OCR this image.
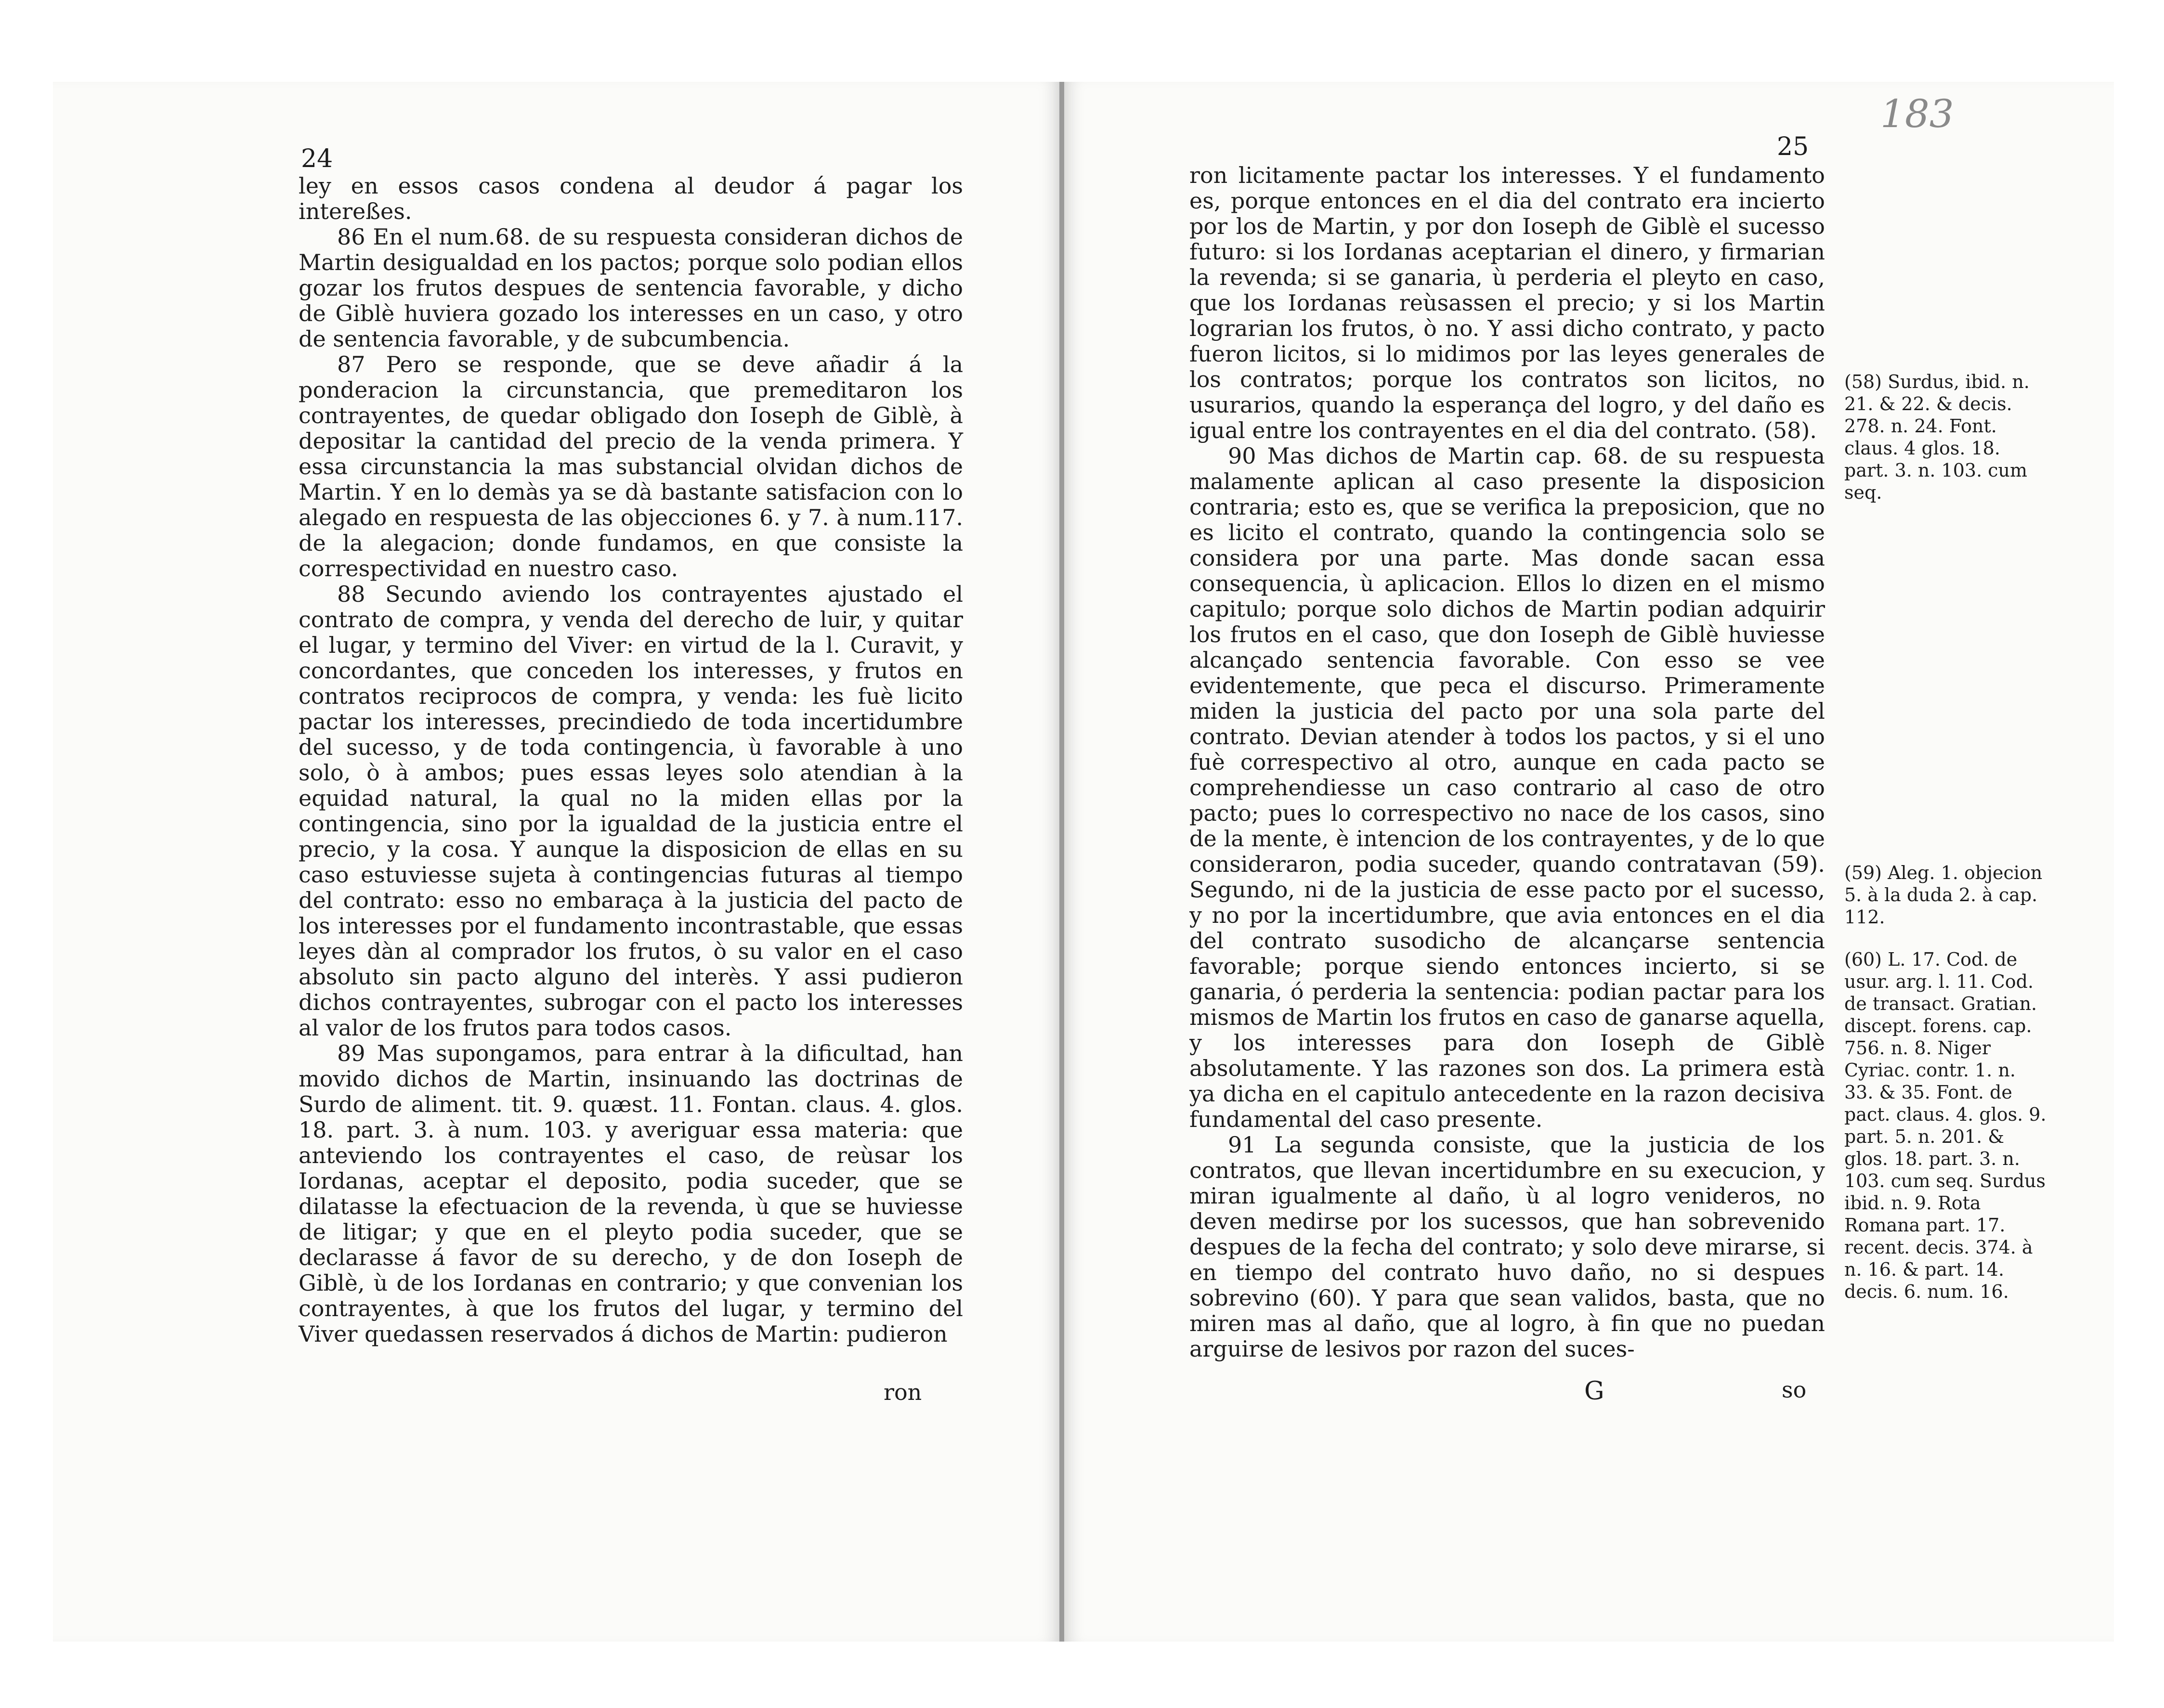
183
24	25

ley en essos casos condena al deudor á pagar los intereßes.

86 En el num.68. de su respuesta consideran dichos de Martin desigualdad en los pactos; porque solo podian ellos gozar los frutos despues de sentencia favorable, y dicho de Giblè huviera gozado los interesses en un caso, y otro de sentencia favorable, y de subcumbencia.

87 Pero se responde, que se deve añadir á la ponderacion la circunstancia, que premeditaron los contrayentes, de quedar obligado don Ioseph de Giblè, à depositar la cantidad del precio de la venda primera. Y essa circunstancia la mas substancial olvidan dichos de Martin. Y en lo demàs ya se dà bastante satisfacion con lo alegado en respuesta de las objecciones 6. y 7. à num.117. de la alegacion; donde fundamos, en que consiste la correspectividad en nuestro caso.

88 Secundo aviendo los contrayentes ajustado el contrato de compra, y venda del derecho de luir, y quitar el lugar, y termino del Viver: en virtud de la l. Curavit, y concordantes, que conceden los interesses, y frutos en contratos reciprocos de compra, y venda: les fuè licito pactar los interesses, precindiedo de toda incertidumbre del sucesso, y de toda contingencia, ù favorable à uno solo, ò à ambos; pues essas leyes solo atendian à la equidad natural, la qual no la miden ellas por la contingencia, sino por la igualdad de la justicia entre el precio, y la cosa. Y aunque la disposicion de ellas en su caso estuviesse sujeta à contingencias futuras al tiempo del contrato: esso no embaraça à la justicia del pacto de los interesses por el fundamento incontrastable, que essas leyes dàn al comprador los frutos, ò su valor en el caso absoluto sin pacto alguno del interès. Y assi pudieron dichos contrayentes, subrogar con el pacto los interesses al valor de los frutos para todos casos.

89 Mas supongamos, para entrar à la dificultad, han movido dichos de Martin, insinuando las doctrinas de Surdo de aliment. tit. 9. quæst. 11. Fontan. claus. 4. glos. 18. part. 3. à num. 103. y averiguar essa materia: que anteviendo los contrayentes el caso, de reùsar los Iordanas, aceptar el deposito, podia suceder, que se dilatasse la efectuacion de la revenda, ù que se huviesse de litigar; y que en el pleyto podia suceder, que se declarasse á favor de su derecho, y de don Ioseph de Giblè, ù de los Iordanas en contrario; y que convenian los contrayentes, à que los frutos del lugar, y termino del Viver quedassen reservados á dichos de Martin: pudieron

ron

ron licitamente pactar los interesses. Y el fundamento es, porque entonces en el dia del contrato era incierto por los de Martin, y por don Ioseph de Giblè el sucesso futuro: si los Iordanas aceptarian el dinero, y firmarian la revenda; si se ganaria, ù perderia el pleyto en caso, que los Iordanas reùsassen el precio; y si los Martin lograrian los frutos, ò no. Y assi dicho contrato, y pacto fueron licitos, si lo midimos por las leyes generales de los contratos; porque los contratos son licitos, no usurarios, quando la esperança del logro, y del daño es igual entre los contrayentes en el dia del contrato. (58).

90 Mas dichos de Martin cap. 68. de su respuesta malamente aplican al caso presente la disposicion contraria; esto es, que se verifica la preposicion, que no es licito el contrato, quando la contingencia solo se considera por una parte. Mas donde sacan essa consequencia, ù aplicacion. Ellos lo dizen en el mismo capitulo; porque solo dichos de Martin podian adquirir los frutos en el caso, que don Ioseph de Giblè huviesse alcançado sentencia favorable. Con esso se vee evidentemente, que peca el discurso. Primeramente miden la justicia del pacto por una sola parte del contrato. Devian atender à todos los pactos, y si el uno fuè correspectivo al otro, aunque en cada pacto se comprehendiesse un caso contrario al caso de otro pacto; pues lo correspectivo no nace de los casos, sino de la mente, è intencion de los contrayentes, y de lo que consideraron, podia suceder, quando contratavan (59). Segundo, ni de la justicia de esse pacto por el sucesso, y no por la incertidumbre, que avia entonces en el dia del contrato susodicho de alcançarse sentencia favorable; porque siendo entonces incierto, si se ganaria, ó perderia la sentencia: podian pactar para los mismos de Martin los frutos en caso de ganarse aquella, y los interesses para don Ioseph de Giblè absolutamente. Y las razones son dos. La primera està ya dicha en el capitulo antecedente en la razon decisiva fundamental del caso presente.

91 La segunda consiste, que la justicia de los contratos, que llevan incertidumbre en su execucion, y miran igualmente al daño, ù al logro venideros, no deven medirse por los sucessos, que han sobrevenido despues de la fecha del contrato; y solo deve mirarse, si en tiempo del contrato huvo daño, no si despues sobrevino (60). Y para que sean validos, basta, que no miren mas al daño, que al logro, à fin que no puedan arguirse de lesivos por razon del suces-

(58) Surdus, ibid. n. 21. & 22. & decis. 278. n. 24. Font. claus. 4 glos. 18. part. 3. n. 103. cum seq.
(59) Aleg. 1. objecion 5. à la duda 2. à cap. 112.
(60) L. 17. Cod. de usur. arg. l. 11. Cod. de transact. Gratian. discept. forens. cap. 756. n. 8. Niger Cyriac. contr. 1. n. 33. & 35. Font. de pact. claus. 4. glos. 9. part. 5. n. 201. & glos. 18. part. 3. n. 103. cum seq. Surdus ibid. n. 9. Rota Romana part. 17. recent. decis. 374. à n. 16. & part. 14. decis. 6. num. 16.
G	so
